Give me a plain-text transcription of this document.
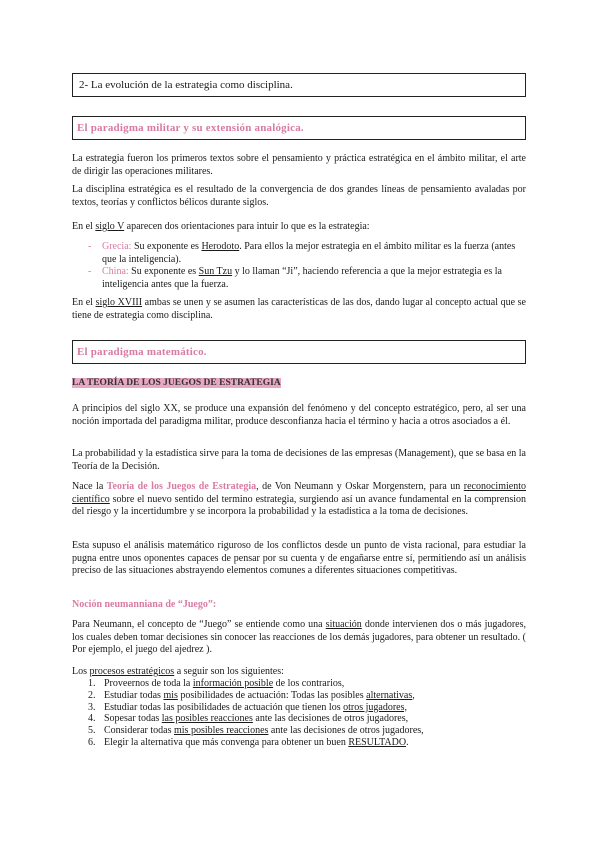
2- La evolución de la estrategia como disciplina.
El paradigma militar y su extensión analógica.

La estrategia fueron los primeros textos sobre el pensamiento y práctica estratégica en el ámbito militar, el arte de dirigir las operaciones militares.

La disciplina estratégica es el resultado de la convergencia de dos grandes líneas de pensamiento avaladas por textos, teorías y conflictos bélicos durante siglos.

En el siglo V aparecen dos orientaciones para intuir lo que es la estrategia:

-	Grecia: Su exponente es Herodoto. Para ellos la mejor estrategia en el ámbito militar es la fuerza (antes que la inteligencia).
-	China: Su exponente es Sun Tzu y lo llaman “Ji”, haciendo referencia a que la mejor estrategia es la inteligencia antes que la fuerza.

En el siglo XVIII ambas se unen y se asumen las características de las dos, dando lugar al concepto actual que se tiene de estrategia como disciplina.

El paradigma matemático.

LA TEORÍA DE LOS JUEGOS DE ESTRATEGIA

A principios del siglo XX, se produce una expansión del fenómeno y del concepto estratégico, pero, al ser una noción importada del paradigma militar, produce desconfianza hacia el término y hacia a otros asociados a él.

La probabilidad y la estadística sirve para la toma de decisiones de las empresas (Management), que se basa en la Teoría de la Decisión.

Nace la Teoría de los Juegos de Estrategia, de Von Neumann y Oskar Morgenstern, para un reconocimiento científico sobre el nuevo sentido del termino estrategia, surgiendo así un avance fundamental en la comprension del riesgo y la incertidumbre y se incorpora la probabilidad y la estadistica a la toma de decisiones.

Esta supuso el análisis matemático riguroso de los conflictos desde un punto de vista racional, para estudiar la pugna entre unos oponentes capaces de pensar por su cuenta y de engañarse entre sí, permitiendo así un análisis preciso de las situaciones abstrayendo elementos comunes a diferentes situaciones competitivas.

Noción neumanniana de “Juego”:

Para Neumann, el concepto de “Juego” se entiende como una situación donde intervienen dos o más jugadores, los cuales deben tomar decisiones sin conocer las reacciones de los demás jugadores, para obtener un resultado. ( Por ejemplo, el juego del ajedrez ).

Los procesos estratégicos a seguir son los siguientes:

1. Proveernos de toda la información posible de los contrarios,
2. Estudiar todas mis posibilidades de actuación: Todas las posibles alternativas,
3. Estudiar todas las posibilidades de actuación que tienen los otros jugadores,
4. Sopesar todas las posibles reacciones ante las decisiones de otros jugadores,
5. Considerar todas mis posibles reacciones ante las decisiones de otros jugadores,
6. Elegir la alternativa que más convenga para obtener un buen RESULTADO.
